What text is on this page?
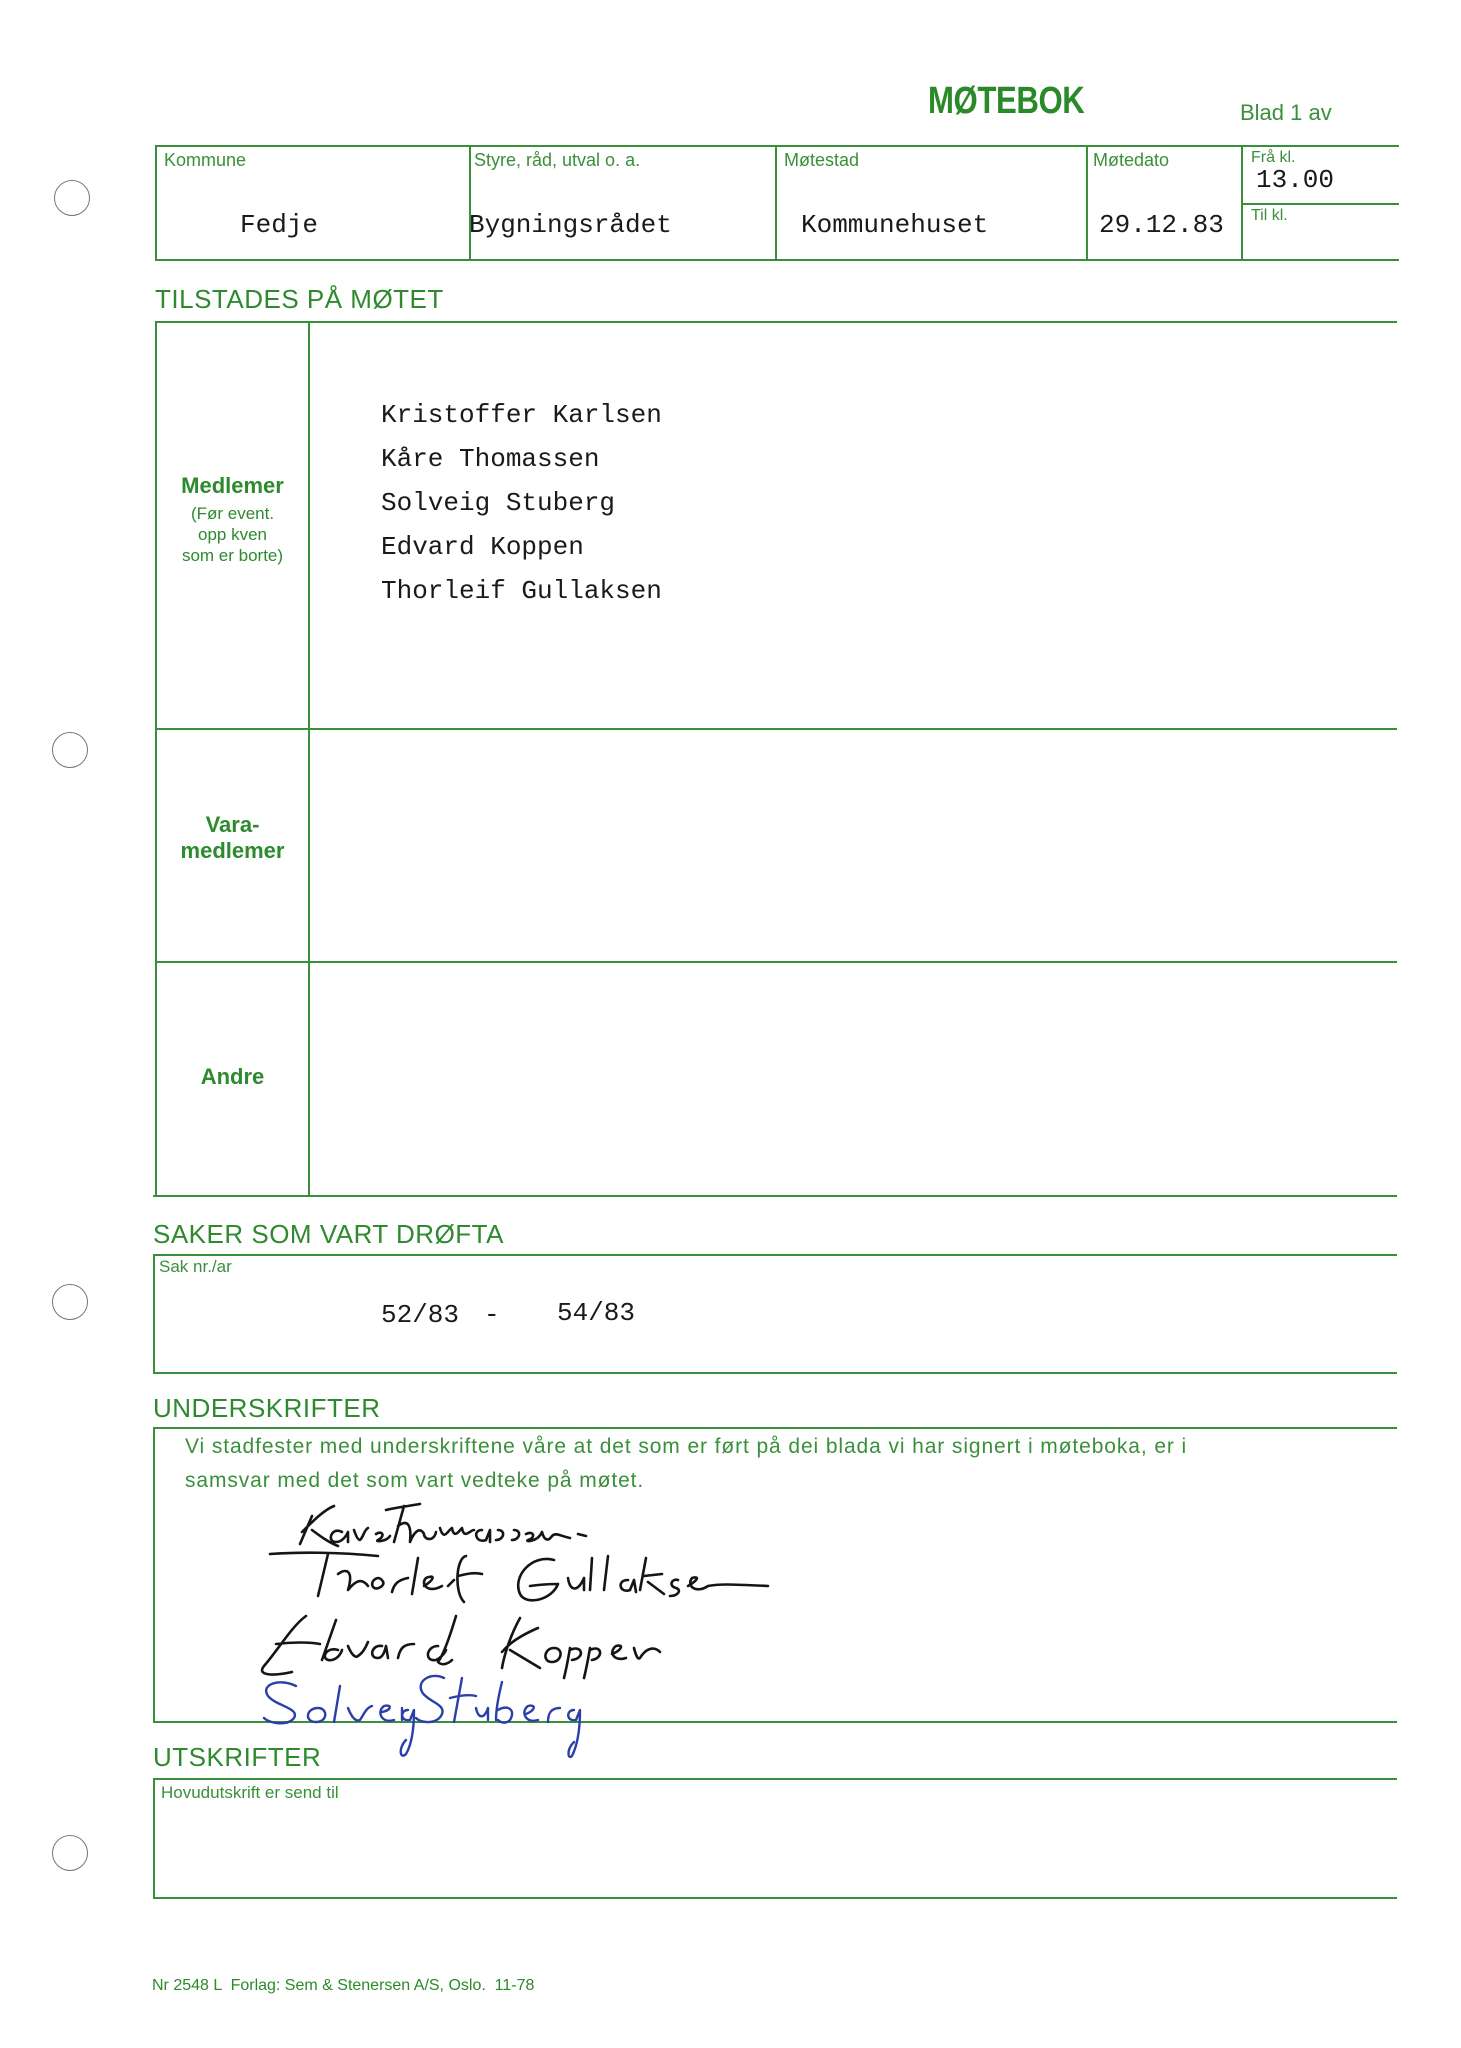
MØTEBOK	Blad 1 av
Kommune
Fedje
Styre, råd, utval o. a.
Bygningsrådet
Møtestad
Kommunehuset
Møtedato
29.12.83
Frå kl.
13.00
Til kl.
TILSTADES PÅ MØTET
Medlemer
(Før event.
opp kven
som er borte)
Kristoffer Karlsen
Kåre Thomassen
Solveig Stuberg
Edvard Koppen
Thorleif Gullaksen
Vara-
medlemer
Andre
SAKER SOM VART DRØFTA
Sak nr./ar
52/83 - 54/83
UNDERSKRIFTER
Vi stadfester med underskriftene våre at det som er ført på dei blada vi har signert i møteboka, er i
samsvar med det som vart vedteke på møtet.
UTSKRIFTER
Hovudutskrift er send til
Nr 2548 L  Forlag: Sem & Stenersen A/S, Oslo.  11-78
